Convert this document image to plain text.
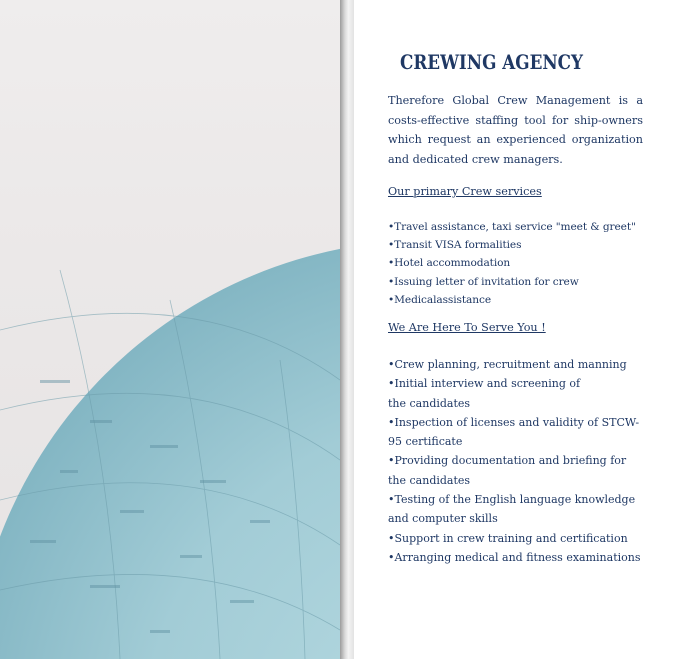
CREWING AGENCY

Therefore Global Crew Management is a costs-effective staffing tool for ship-owners which request an experienced organization and dedicated crew managers.

Our primary Crew services
•Travel assistance, taxi service "meet & greet"
•Transit VISA formalities
•Hotel accommodation
•Issuing letter of invitation for crew
•Medicalassistance
We Are Here To Serve You !
•Crew planning, recruitment and manning
•Initial interview and screening of the candidates
•Inspection of licenses and validity of STCW-95 certificate
•Providing documentation and briefing for the candidates
•Testing of the English language knowledge and computer skills
•Support in crew training and certification
•Arranging medical and fitness examinations
